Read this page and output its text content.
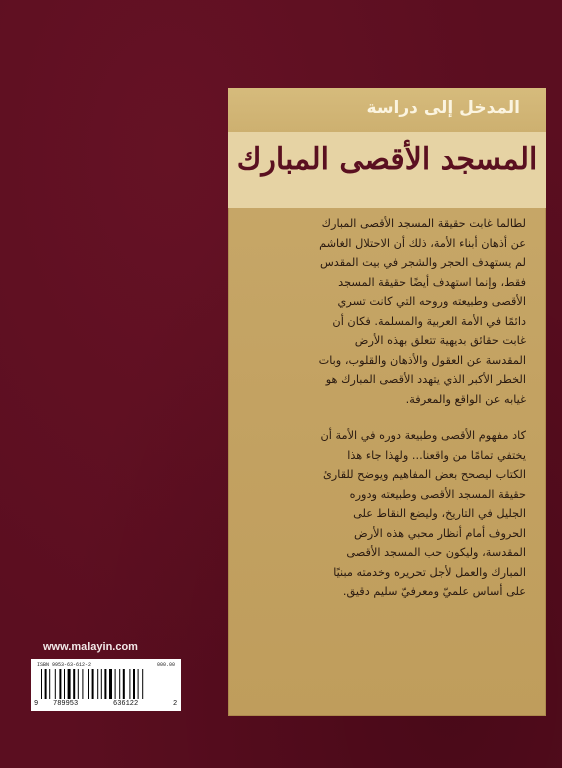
المدخل إلى دراسة
المسجد الأقصى المبارك

لطالما غابت حقيقة المسجد الأقصى المبارك
عن أذهان أبناء الأمة، ذلك أن الاحتلال الغاشم
لم يستهدف الحجر والشجر في بيت المقدس
فقط، وإنما استهدف أيضًا حقيقة المسجد
الأقصى وطبيعته وروحه التي كانت تسري
دائمًا في الأمة العربية والمسلمة. فكان أن
غابت حقائق بديهية تتعلق بهذه الأرض
المقدسة عن العقول والأذهان والقلوب، وبات
الخطر الأكبر الذي يتهدد الأقصى المبارك هو
غيابه عن الواقع والمعرفة.

كاد مفهوم الأقصى وطبيعة دوره في الأمة أن
يختفي تمامًا من واقعنا... ولهذا جاء هذا
الكتاب ليصحح بعض المفاهيم ويوضح للقارئ
حقيقة المسجد الأقصى وطبيعته ودوره
الجليل في التاريخ، وليضع النقاط على
الحروف أمام أنظار محبي هذه الأرض
المقدسة، وليكون حب المسجد الأقصى
المبارك والعمل لأجل تحريره وخدمته مبنيًا
على أساس علميّ ومعرفيّ سليم دقيق.

www.malayin.com
ISBN 9953-63-612-2	000.00
9 789953	636122	2
